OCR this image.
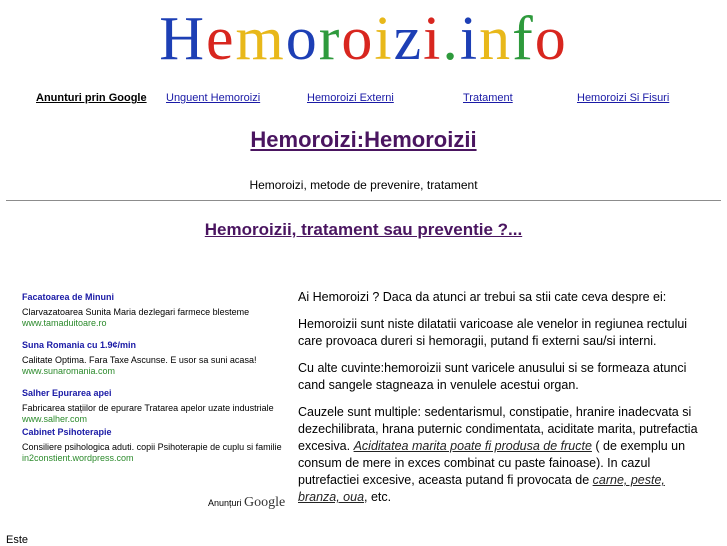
Hemoroizi.info
Anunturi prin Google Unguent Hemoroizi	Hemoroizi Externi	Tratament	Hemoroizi Si Fisuri
Hemoroizi:Hemoroizii
Hemoroizi, metode de prevenire, tratament
Hemoroizii, tratament sau preventie ?...
Facatoarea de Minuni
Clarvazatoarea Sunita Maria dezlegari farmece blesteme
www.tamaduitoare.ro
Suna Romania cu 1.9¢/min
Calitate Optima. Fara Taxe Ascunse. E usor sa suni acasa!
www.sunaromania.com
Salher Epurarea apei
Fabricarea stațiilor de epurare Tratarea apelor uzate industriale
www.salher.com
Cabinet Psihoterapie
Consiliere psihologica aduti. copii Psihoterapie de cuplu si familie
in2constient.wordpress.com
Anunțuri Google

Ai Hemoroizi ? Daca da atunci ar trebui sa stii cate ceva despre ei:

Hemoroizii sunt niste dilatatii varicoase ale venelor in regiunea rectului care provoaca dureri si hemoragii, putand fi externi sau/si interni.

Cu alte cuvinte:hemoroizii sunt varicele anusului si se formeaza atunci cand sangele stagneaza in venulele acestui organ.

Cauzele sunt multiple: sedentarismul, constipatie, hranire inadecvata si dezechilibrata, hrana puternic condimentata, aciditate marita, putrefactia excesiva. Aciditatea marita poate fi produsa de fructe ( de exemplu un consum de mere in exces combinat cu paste fainoase). In cazul putrefactiei excesive, aceasta putand fi provocata de carne, peste, branza, oua, etc.

Este
